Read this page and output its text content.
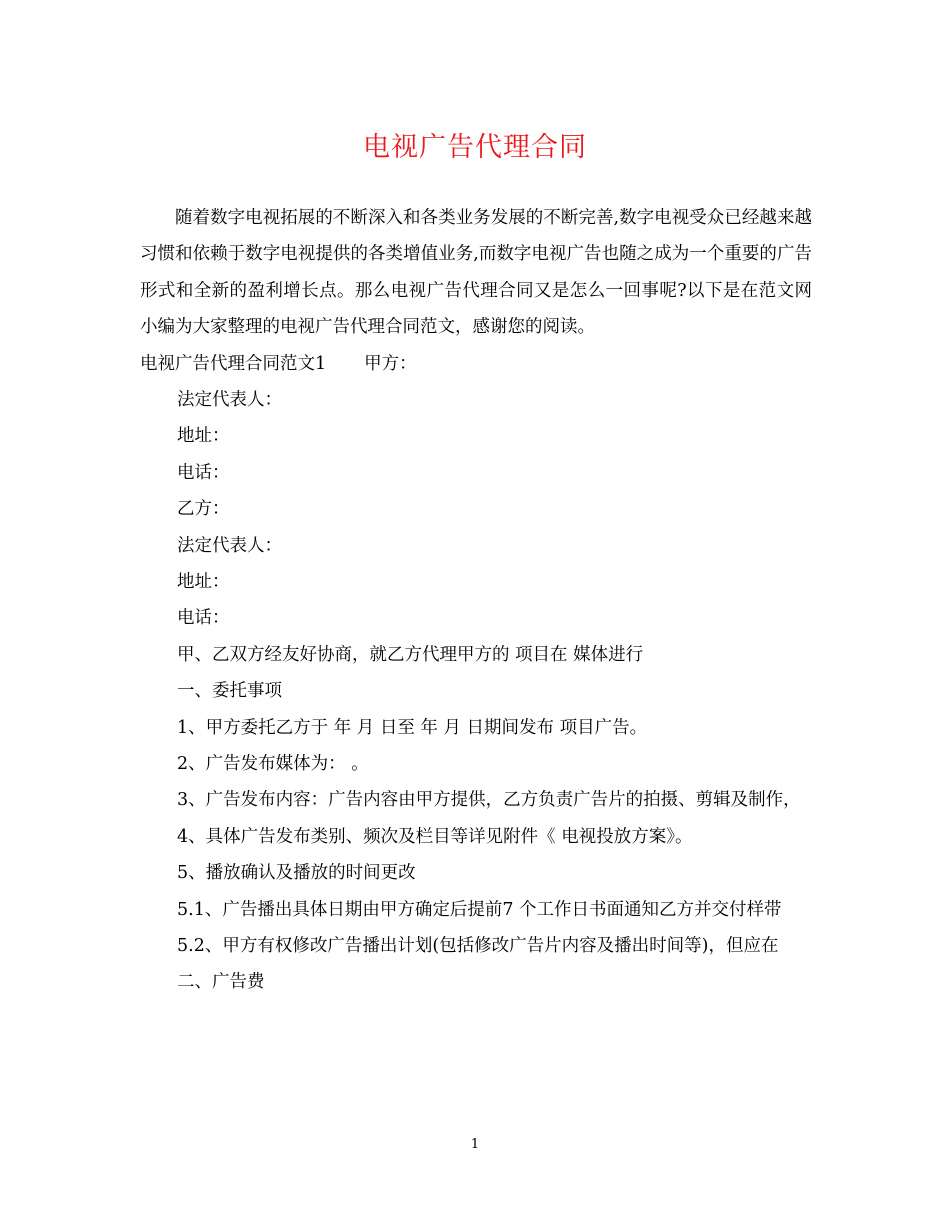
电视广告代理合同

随着数字电视拓展的不断深入和各类业务发展的不断完善,数字电视受众已经越来越习惯和依赖于数字电视提供的各类增值业务,而数字电视广告也随之成为一个重要的广告形式和全新的盈利增长点。那么电视广告代理合同又是怎么一回事呢?以下是在范文网小编为大家整理的电视广告代理合同范文，感谢您的阅读。

电视广告代理合同范文1 甲方：
法定代表人：
地址：
电话：
乙方：
法定代表人：
地址：
电话：
甲、乙双方经友好协商，就乙方代理甲方的 项目在 媒体进行
一、委托事项
1、甲方委托乙方于 年 月 日至 年 月 日期间发布 项目广告。
2、广告发布媒体为： 。

3、广告发布内容：广告内容由甲方提供，乙方负责广告片的拍摄、剪辑及制作，

4、具体广告发布类别、频次及栏目等详见附件《 电视投放方案》。
5、播放确认及播放的时间更改

5.1、广告播出具体日期由甲方确定后提前7 个工作日书面通知乙方并交付样带

5.2、甲方有权修改广告播出计划(包括修改广告片内容及播出时间等)，但应在

二、广告费
1
